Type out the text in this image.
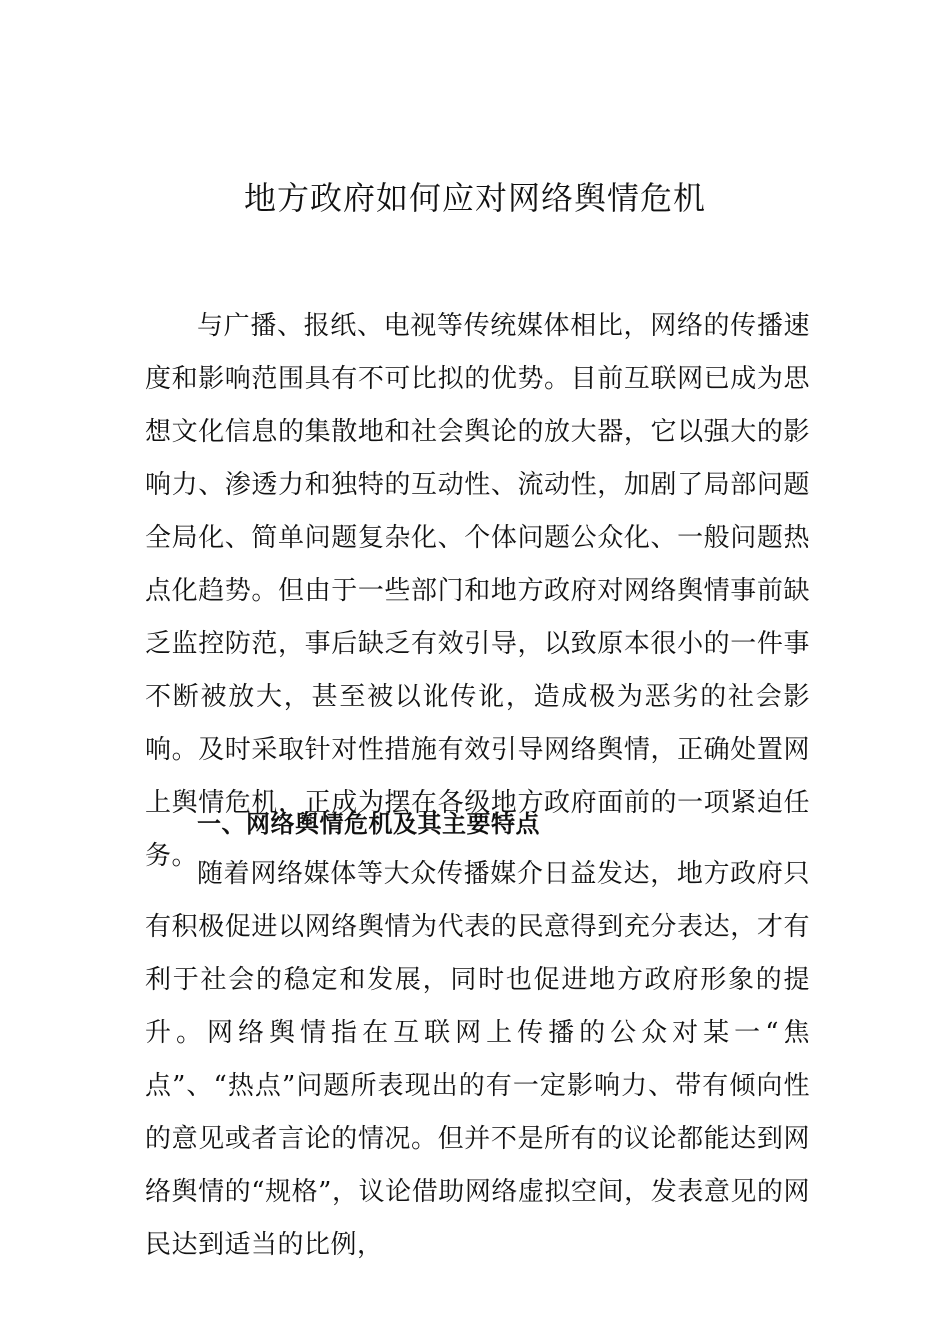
地方政府如何应对网络舆情危机

与广播、报纸、电视等传统媒体相比，网络的传播速度和影响范围具有不可比拟的优势。目前互联网已成为思想文化信息的集散地和社会舆论的放大器，它以强大的影响力、渗透力和独特的互动性、流动性，加剧了局部问题全局化、简单问题复杂化、个体问题公众化、一般问题热点化趋势。但由于一些部门和地方政府对网络舆情事前缺乏监控防范，事后缺乏有效引导，以致原本很小的一件事不断被放大，甚至被以讹传讹，造成极为恶劣的社会影响。及时采取针对性措施有效引导网络舆情，正确处置网上舆情危机，正成为摆在各级地方政府面前的一项紧迫任务。

一、网络舆情危机及其主要特点

随着网络媒体等大众传播媒介日益发达，地方政府只有积极促进以网络舆情为代表的民意得到充分表达，才有利于社会的稳定和发展，同时也促进地方政府形象的提升。网络舆情指在互联网上传播的公众对某一“焦点”、“热点”问题所表现出的有一定影响力、带有倾向性的意见或者言论的情况。但并不是所有的议论都能达到网络舆情的“规格”，议论借助网络虚拟空间，发表意见的网民达到适当的比例，
